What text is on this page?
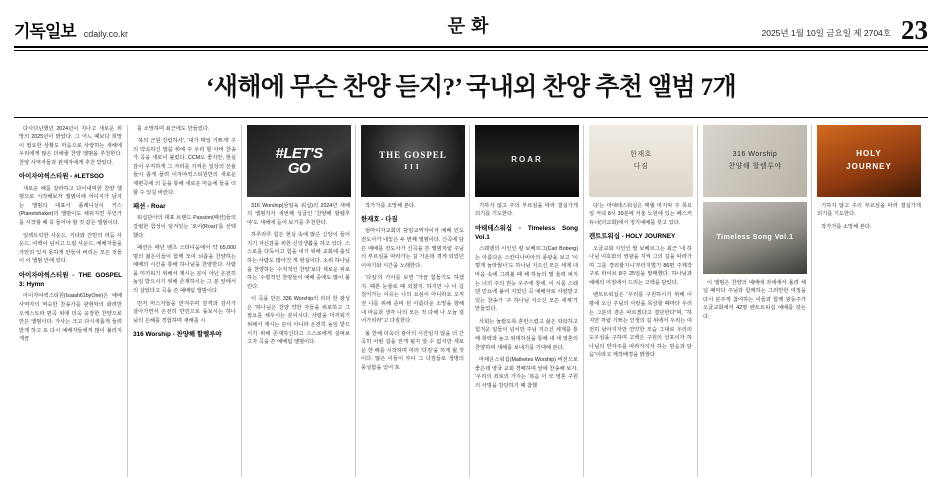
기독일보 cdaily.co.kr	문화	2025년 1월 10일 금요일 제 2704호 23
‘새해에 무슨 찬양 듣지?’ 국내외 찬양 추천 앨범 7개

다사다난했던 2024년이 지나고 새로운 희망의 2025년이 밝았다. 그 어느 때보다 희망이 필요한 상황도 마음으로 사랑하는 새해에 우리에게 많은 더해줄 찬양 앨범을 추천한다. 찬양 사역자들과 관계자에게 추천 받았다.

아이자야씩스티원 - #LETSGO

새로운 해를 갈라하고 다이내믹한 찬양 앨범으로 시작해보자 앨범이에 어디지가 남자는 앨범의 대표사 플래니싱이 키스(Planetshaker)의 앨범이도 채워지면 무언가를 시작할 때 꼭 들어야 할 것 같은 앨범이다.

일렉트릭한 사운드, 기타와 간반의 리듬 사운드, 여백이 넘치고 드럼 사운드, 예배자들을 가만히 있지 못하게 만들어 버리는 모든 것들이 이 앨범 안에 있다.

아이자야씩스티원 - THE GOSPEL 3: Hymn

아이자야씩스티원(Isaiah61byOne)은 예배 사역자의 역숙한 찬송가를 관현악의 화려한 오케스트라 편곡 위에 더욱 웅장한 찬양으로 만든 앨범이다. 가사는 크고 다시새롭게 들려받게 하고 또 다시 예배자들에게 많이 불러지게끔

를 소망하며 최근에도 만들었다.

‘복의 근원 강림하사’, ‘내가 매일 기쁘게’ 주의 약속하신 말씀 위에 주 우리 할 아버 찬송가 곡을 새로이 불렀다. CCM도 좋지만, 현실감이 우직하게 그 자리를 지켜온 일상의 선율들이 좁게 들려 이자야씩스티원만의 새로운 제편곡에 의 듣을 통해 새로운 마음에 들을 더할 수 있길 바란다.

패션 - Roar

워십단아의 대표 브랜드 Passion(패션)들의 강렬한 함성이 담겨있는 ‘로어(Roar)’를 선택했다.

패션은 매년 벤츠 스타디움에서 약 65,000명의 젊은이들이 함께 모여 뇌좁을 찬양하는 예배의 시간을 통해 하나님을 찬양한다. 사람을 미끼워기 위해서 계시는 분이 아닌 온전히 높임 받으시기 위해 존재하시는 그 분 앞에서의 살았다고 곡을 쓴 예배팀 앨범이다.

먼저 마스자들을 반겨주며 감격과 감사가 살아가면서 온전히 반민으로 돌보시는 하나님의 은혜를 경험하며 새해를 시

316 Worship - 찬양해 할렐루야
#LET'S
GO

316 Worship(삼일육 워십)의 2024년 새해의 앨범지자 새번째 싱글인 ‘찬양해 할렐루야’도 새해에 듣어 보기를 추천한다.

하루라루 힘든 현실 속에 많은 신앙이 들어 지기 자신감을 위한 신앙생활을 하고 있다. 스스로를 다독이고 힘을 내기 위해 교회에 출석하는 사람도 많아진 게 현실이다. 소위 하나님을 찬양하는 ‘수직적인 찬양’보다 새로운 위로하는 ‘수평적인 찬양들이 예배 중에도 많이 불린다.

이 곡을 만든 336 Worship의 리더 한 광성은 ‘하나님은 찬양 약한 자들을 위로하고 그 필요를 채우시는 분이시다. 사람을 미끼워기 위해서 계시는 분이 아니라 온전히 높임 받으시기 위해 존재하신다고 스스로에게 살펴보고자 곡을 쓴 예배팀 앨범이다.

THE GOSPEL
III

작가가를 소망해 본다.

한재호 - 다짐

엄마이자교회의 담임교역자이자 예배 인도 전도사가 내놓은 두 번째 앨범이다. 신곡에 담은 예배를 전도사가 신곡을 쓴 앨범처럼 주님의 부르심을 따라가는 길 가운데 겪게 되었던 이야기와 시간을 노래한다.

‘다짐’의 가사를 보면 “가끔 힘들기도 하겠지. 때론 눈물로 때 외쳤지. 하지만 나 이 길 걸어가는 이유는 나의 요심이 아니라요 오직 전 나를 위해 준비 된 아름다운 소망을 향해 내 마음과 생각 나의 모든 것 다해 나 오늘 걸어가리라”고 다짐한다.

올 한해 더욱더 광아의 시간임지 않을 더 간곡히 어떤 길을 걷게 될지 알 수 없지만 새로운 한 해를 시작하며 여러 ‘다짐’을 하게 될 것이다. 많은 이들이 부디 그 다짐들로 생명의 풍성함을 얻어 포

ROAR

기하지 않고 주의 부르심을 따라 결실가게 되기를 기도한다.

마태테스워십 - Timeless Song Vol.1

스웨덴의 시인인 칼 보베르그(Carl Boberg)는 아름다운 스칸디나비아의 풍광을 보고 ‘이렇게 놀라웠나’도 하나님 지으신 모든 세계 내 마음 속에 그려볼 때 해 하늘의 별 울려 퍼지는 너의 주의 권능 우주에 창세. 이 시를 스웨덴 민요에 붙여 지었던 곡 예배자로 사랑받고 있는 찬송가 ‘주 하나님 지으신 모든 세계’가 만들었다.

사회는 놀랍도록 혼란스럽고 삶은 팍팍하고 힘겨운 일들이 넘치만 주님 지으신 세계를 통해 희락과 높고 위대하심을 통해 내 세 영혼의 찬양하며 새해를 보내기를 기대해 본다.

마태온스워십(Mathetes Worship) 버전으로 좋은데 영국 교회 경배하며 앞에 찬송해 보자. ‘우리의 죄로의 가지는 ‘복음 이 모 영혼 구원의 사명을 감당하기 때 참했

한재호
다짐

다’는 마대테스워십은 매월 마지막 주 목요일 저녁 8시 30분에 서울 노원에 있는 페스커듀너(더교회)에서 정기예배를 갖고 있다.

캔트트워십 - HOLY JOURNEY

오클교회 시인인 발 보베르그는 최근 ‘내 하나님 여호와의 영광을 지켜 그의 길을 따라가며 그를 경외할지니’부터지벌기 86편 주제작구로 라이브 8주 25일을 발매했다. 하나님과 예배의 여정에서 드리는 고백을 담았다.

밴트트워십은 “우리를 구원하시기 위해 이 땅에 오신 주님의 사랑을 목상할 때마다 우리는 그분의 겸손 따르겠다고 결단한다”며, “하지만 처럼 기쁘는 인생의 길 위에서 우리는 여전히 남아지자만 연약한 모습 그대로 우리의 도우심을 구하며 고백은 구원의 선포이자 하나님의 반자주를 따라가지자 하는 믿음과 담음”이라고 제작배경을 밝혔다.

316 Worship
찬양해 할렐루야
Timeless Song Vol.1

이 앨범은 찬양의 예배에 자세에서 올려 채널 때마다 주님과 함께하는 그러만한 여정을 다시 분주게 참여하는 이들과 함께 광동주가 오클교회에서 42명 밴트트워십 예배를 갖는다.

HOLY
JOURNEY

기하지 않고 주의 부르심을 따라 결실가게 되기를 기도한다.

작가가를 소망해 본다.
